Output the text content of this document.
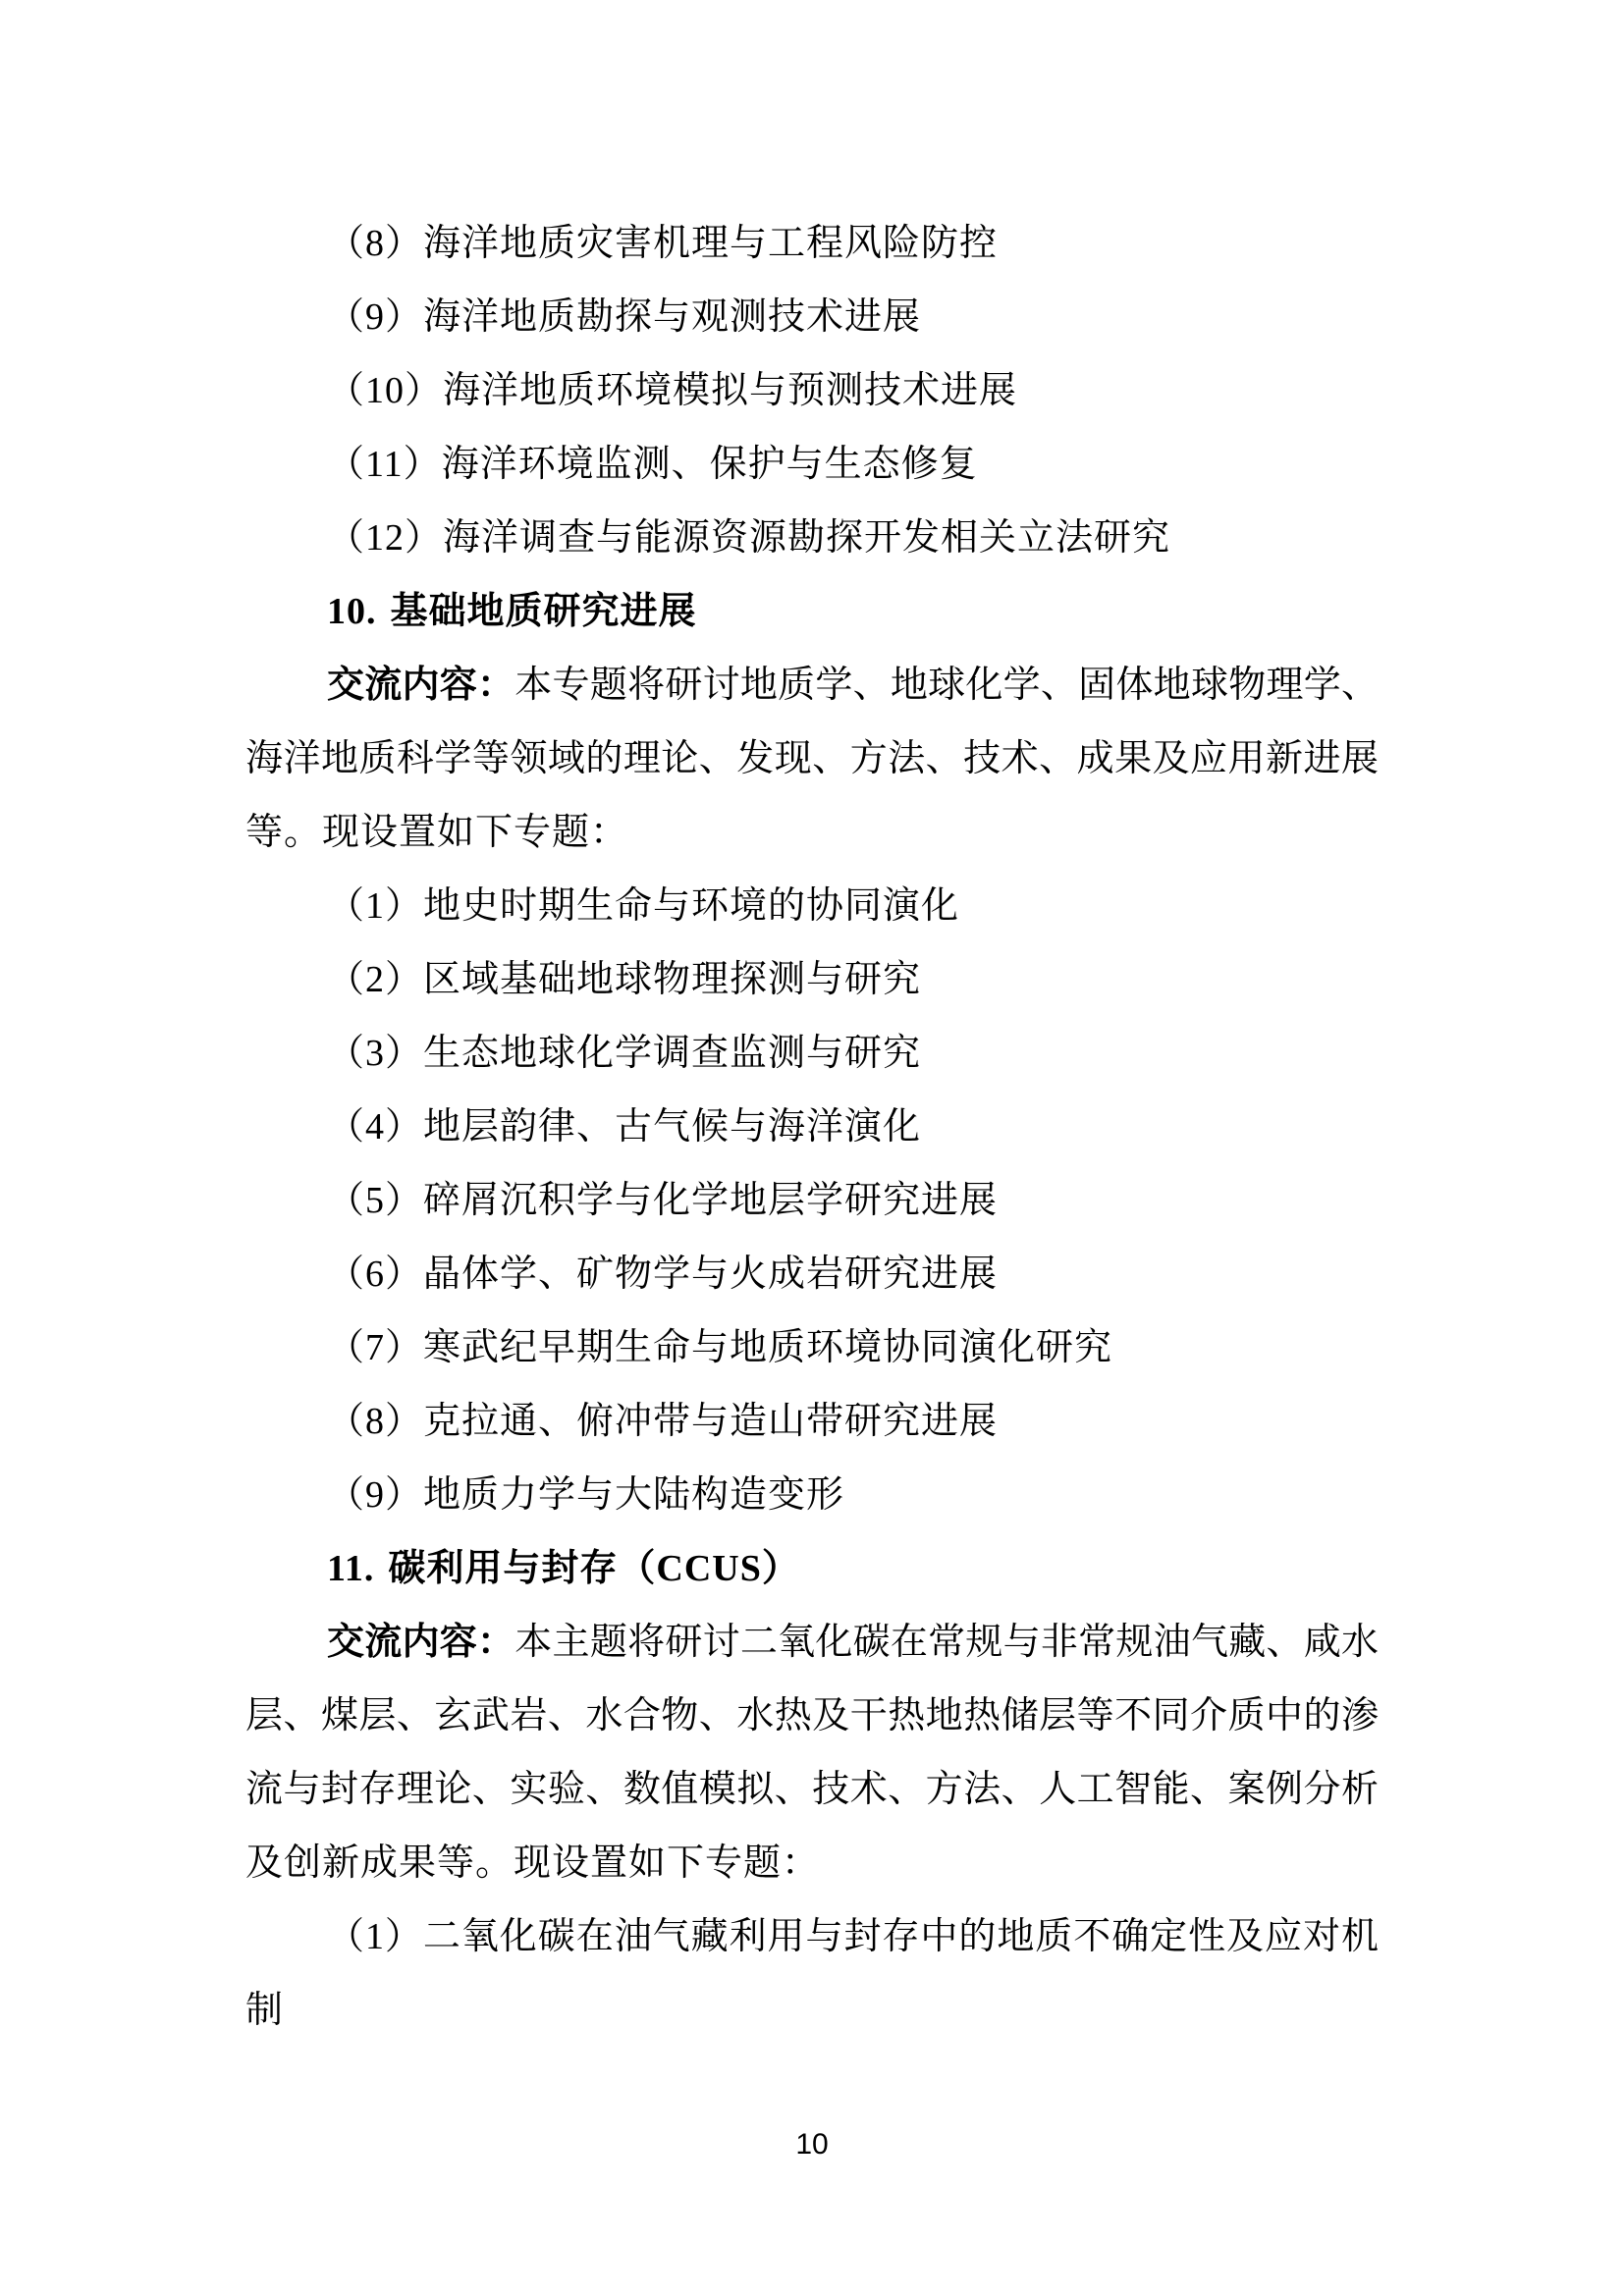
（8）海洋地质灾害机理与工程风险防控
（9）海洋地质勘探与观测技术进展
（10）海洋地质环境模拟与预测技术进展
（11）海洋环境监测、保护与生态修复
（12）海洋调查与能源资源勘探开发相关立法研究
10. 基础地质研究进展
交流内容：本专题将研讨地质学、地球化学、固体地球物理学、
海洋地质科学等领域的理论、发现、方法、技术、成果及应用新进展
等。现设置如下专题：
（1）地史时期生命与环境的协同演化
（2）区域基础地球物理探测与研究
（3）生态地球化学调查监测与研究
（4）地层韵律、古气候与海洋演化
（5）碎屑沉积学与化学地层学研究进展
（6）晶体学、矿物学与火成岩研究进展
（7）寒武纪早期生命与地质环境协同演化研究
（8）克拉通、俯冲带与造山带研究进展
（9）地质力学与大陆构造变形
11. 碳利用与封存（CCUS）
交流内容：本主题将研讨二氧化碳在常规与非常规油气藏、咸水
层、煤层、玄武岩、水合物、水热及干热地热储层等不同介质中的渗
流与封存理论、实验、数值模拟、技术、方法、人工智能、案例分析
及创新成果等。现设置如下专题：
（1）二氧化碳在油气藏利用与封存中的地质不确定性及应对机
制
10
